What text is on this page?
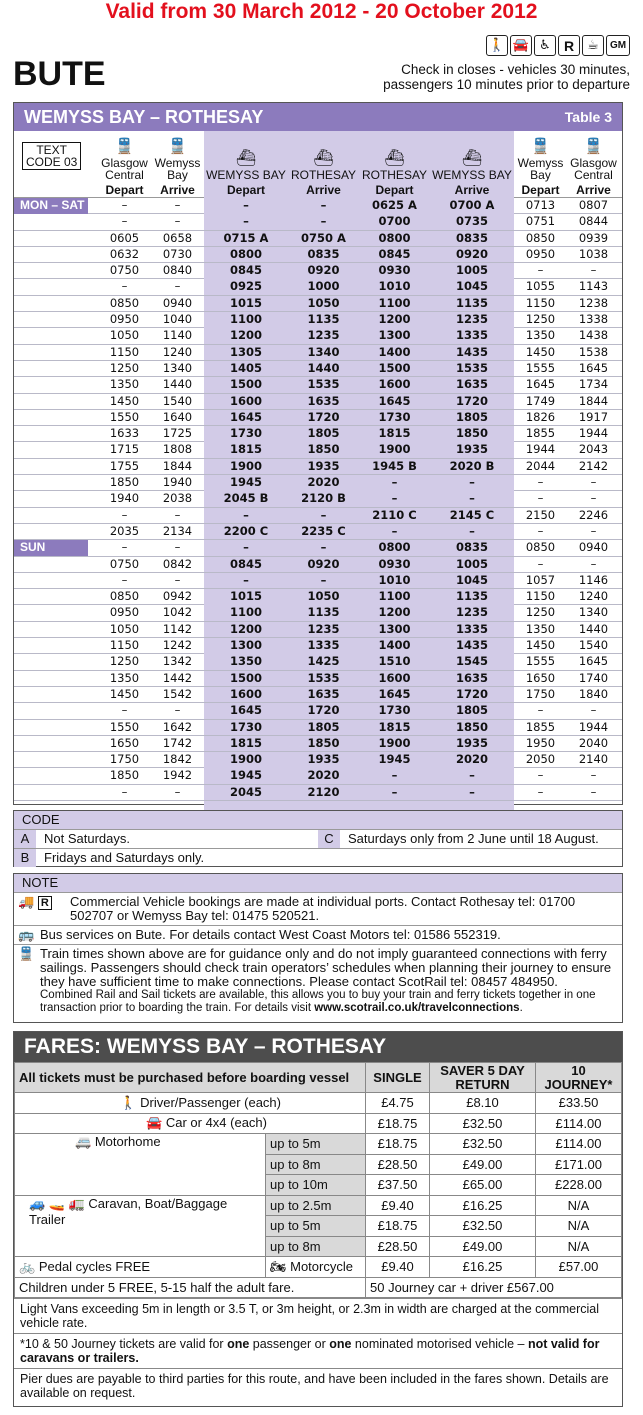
Valid from 30 March 2012 - 20 October 2012
🚶 🚘 ♿ R	☕	GM
BUTE	Check in closes - vehicles 30 minutes,
passengers 10 minutes prior to departure
WEMYSS BAY – ROTHESAY	Table 3
TEXT
CODE 03
🚆
Glasgow
Central
🚆
Wemyss
Bay
⛴
WEMYSS BAY
⛴
ROTHESAY
⛴
ROTHESAY
⛴
WEMYSS BAY
🚆
Wemyss
Bay
🚆
Glasgow
Central
Depart	Arrive	Depart	Arrive	Depart	Arrive	Depart	Arrive
MON – SAT	–	–	–	–	0625 A	0700 A	0713	0807
–	–	–	–	0700	0735	0751	0844
0605	0658	0715 A	0750 A	0800	0835	0850	0939
0632	0730	0800	0835	0845	0920	0950	1038
0750	0840	0845	0920	0930	1005	–	–
–	–	0925	1000	1010	1045	1055	1143
0850	0940	1015	1050	1100	1135	1150	1238
0950	1040	1100	1135	1200	1235	1250	1338
1050	1140	1200	1235	1300	1335	1350	1438
1150	1240	1305	1340	1400	1435	1450	1538
1250	1340	1405	1440	1500	1535	1555	1645
1350	1440	1500	1535	1600	1635	1645	1734
1450	1540	1600	1635	1645	1720	1749	1844
1550	1640	1645	1720	1730	1805	1826	1917
1633	1725	1730	1805	1815	1850	1855	1944
1715	1808	1815	1850	1900	1935	1944	2043
1755	1844	1900	1935	1945 B	2020 B	2044	2142
1850	1940	1945	2020	–	–	–	–
1940	2038	2045 B	2120 B	–	–	–	–
–	–	–	–	2110 C	2145 C	2150	2246
2035	2134	2200 C	2235 C	–	–	–	–
SUN	–	–	–	–	0800	0835	0850	0940
0750	0842	0845	0920	0930	1005	–	–
–	–	–	–	1010	1045	1057	1146
0850	0942	1015	1050	1100	1135	1150	1240
0950	1042	1100	1135	1200	1235	1250	1340
1050	1142	1200	1235	1300	1335	1350	1440
1150	1242	1300	1335	1400	1435	1450	1540
1250	1342	1350	1425	1510	1545	1555	1645
1350	1442	1500	1535	1600	1635	1650	1740
1450	1542	1600	1635	1645	1720	1750	1840
–	–	1645	1720	1730	1805	–	–
1550	1642	1730	1805	1815	1850	1855	1944
1650	1742	1815	1850	1900	1935	1950	2040
1750	1842	1900	1935	1945	2020	2050	2140
1850	1942	1945	2020	–	–	–	–
–	–	2045	2120	–	–	–	–
CODE
A	Not Saturdays.	C	Saturdays only from 2 June until 18 August.
B	Fridays and Saturdays only.
NOTE
🚚 R	Commercial Vehicle bookings are made at individual ports. Contact Rothesay tel: 01700 502707 or Wemyss Bay tel: 01475 520521.
🚌 Bus services on Bute. For details contact West Coast Motors tel: 01586 552319.
🚆 Train times shown above are for guidance only and do not imply guaranteed connections with ferry sailings. Passengers should check train operators’ schedules when planning their journey to ensure they have sufficient time to make connections. Please contact ScotRail tel: 08457 484950.
Combined Rail and Sail tickets are available, this allows you to buy your train and ferry tickets together in one transaction prior to boarding the train. For details visit www.scotrail.co.uk/travelconnections.
FARES: WEMYSS BAY – ROTHESAY
All tickets must be purchased before boarding vessel		SINGLE	SAVER 5 DAY RETURN	10 JOURNEY*
🚶 Driver/Passenger (each)		£4.75	£8.10	£33.50
🚘 Car or 4x4 (each)		£18.75	£32.50	£114.00
🚐 Motorhome	up to 5m	£18.75	£32.50	£114.00
	up to 8m	£28.50	£49.00	£171.00
	up to 10m	£37.50	£65.00	£228.00
🚙 🚤 🚛 Caravan, Boat/Baggage Trailer	up to 2.5m	£9.40	£16.25	N/A
	up to 5m	£18.75	£32.50	N/A
	up to 8m	£28.50	£49.00	N/A
🚲 Pedal cycles FREE	🏍 Motorcycle	£9.40	£16.25	£57.00
Children under 5 FREE, 5-15 half the adult fare.		50 Journey car + driver £567.00		
Light Vans exceeding 5m in length or 3.5 T, or 3m height, or 2.3m in width are charged at the commercial vehicle rate.
*10 & 50 Journey tickets are valid for one passenger or one nominated motorised vehicle – not valid for caravans or trailers.
Pier dues are payable to third parties for this route, and have been included in the fares shown. Details are available on request.
